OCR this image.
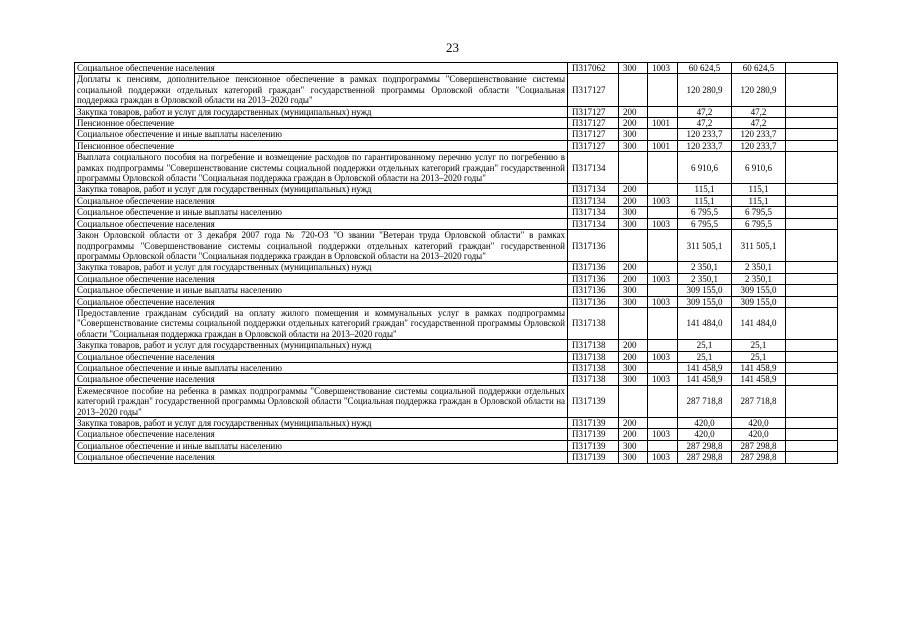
23
Социальное обеспечение населения	П317062	300	1003	60 624,5	60 624,5	
Доплаты к пенсиям, дополнительное пенсионное обеспечение в рамках подпрограммы "Совершенствование системы социальной поддержки отдельных категорий граждан" государственной программы Орловской области "Социальная поддержка граждан в Орловской области на 2013–2020 годы"	П317127			120 280,9	120 280,9	
Закупка товаров, работ и услуг для государственных (муниципальных) нужд	П317127	200		47,2	47,2	
Пенсионное обеспечение	П317127	200	1001	47,2	47,2	
Социальное обеспечение и иные выплаты населению	П317127	300		120 233,7	120 233,7	
Пенсионное обеспечение	П317127	300	1001	120 233,7	120 233,7	
Выплата социального пособия на погребение и возмещение расходов по гарантированному перечню услуг по погребению в рамках подпрограммы "Совершенствование системы социальной поддержки отдельных категорий граждан" государственной программы Орловской области "Социальная поддержка граждан в Орловской области на 2013–2020 годы"	П317134			6 910,6	6 910,6	
Закупка товаров, работ и услуг для государственных (муниципальных) нужд	П317134	200		115,1	115,1	
Социальное обеспечение населения	П317134	200	1003	115,1	115,1	
Социальное обеспечение и иные выплаты населению	П317134	300		6 795,5	6 795,5	
Социальное обеспечение населения	П317134	300	1003	6 795,5	6 795,5	
Закон Орловской области от 3 декабря 2007 года № 720-ОЗ "О звании "Ветеран труда Орловской области" в рамках подпрограммы "Совершенствование системы социальной поддержки отдельных категорий граждан" государственной программы Орловской области "Социальная поддержка граждан в Орловской области на 2013–2020 годы"	П317136			311 505,1	311 505,1	
Закупка товаров, работ и услуг для государственных (муниципальных) нужд	П317136	200		2 350,1	2 350,1	
Социальное обеспечение населения	П317136	200	1003	2 350,1	2 350,1	
Социальное обеспечение и иные выплаты населению	П317136	300		309 155,0	309 155,0	
Социальное обеспечение населения	П317136	300	1003	309 155,0	309 155,0	
Предоставление гражданам субсидий на оплату жилого помещения и коммунальных услуг в рамках подпрограммы "Совершенствование системы социальной поддержки отдельных категорий граждан" государственной программы Орловской области "Социальная поддержка граждан в Орловской области на 2013–2020 годы"	П317138			141 484,0	141 484,0	
Закупка товаров, работ и услуг для государственных (муниципальных) нужд	П317138	200		25,1	25,1	
Социальное обеспечение населения	П317138	200	1003	25,1	25,1	
Социальное обеспечение и иные выплаты населению	П317138	300		141 458,9	141 458,9	
Социальное обеспечение населения	П317138	300	1003	141 458,9	141 458,9	
Ежемесячное пособие на ребенка в рамках подпрограммы "Совершенствование системы социальной поддержки отдельных категорий граждан" государственной программы Орловской области "Социальная поддержка граждан в Орловской области на 2013–2020 годы"	П317139			287 718,8	287 718,8	
Закупка товаров, работ и услуг для государственных (муниципальных) нужд	П317139	200		420,0	420,0	
Социальное обеспечение населения	П317139	200	1003	420,0	420,0	
Социальное обеспечение и иные выплаты населению	П317139	300		287 298,8	287 298,8	
Социальное обеспечение населения	П317139	300	1003	287 298,8	287 298,8	
